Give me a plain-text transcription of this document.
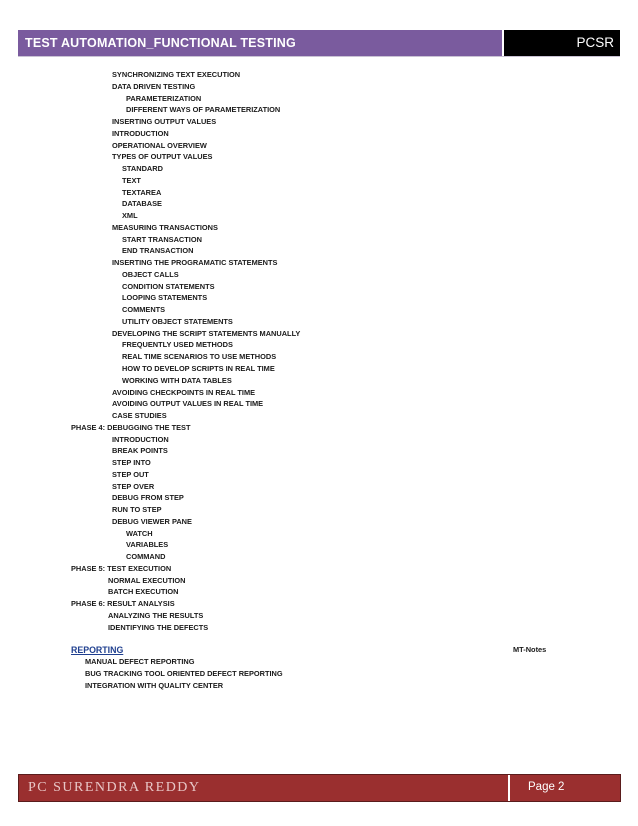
TEST AUTOMATION_FUNCTIONAL TESTING	PCSR
SYNCHRONIZING TEXT EXECUTION
DATA DRIVEN TESTING
PARAMETERIZATION
DIFFERENT WAYS OF PARAMETERIZATION
INSERTING OUTPUT VALUES
INTRODUCTION
OPERATIONAL OVERVIEW
TYPES OF OUTPUT VALUES
STANDARD
TEXT
TEXTAREA
DATABASE
XML
MEASURING TRANSACTIONS
START TRANSACTION
END TRANSACTION
INSERTING THE PROGRAMATIC STATEMENTS
OBJECT CALLS
CONDITION STATEMENTS
LOOPING STATEMENTS
COMMENTS
UTILITY OBJECT STATEMENTS
DEVELOPING THE SCRIPT STATEMENTS MANUALLY
FREQUENTLY USED METHODS
REAL TIME SCENARIOS TO USE METHODS
HOW TO DEVELOP SCRIPTS IN REAL TIME
WORKING WITH DATA TABLES
AVOIDING CHECKPOINTS IN REAL TIME
AVOIDING OUTPUT VALUES IN REAL TIME
CASE STUDIES
PHASE 4: DEBUGGING THE TEST
INTRODUCTION
BREAK POINTS
STEP INTO
STEP OUT
STEP OVER
DEBUG FROM STEP
RUN TO STEP
DEBUG VIEWER PANE
WATCH
VARIABLES
COMMAND
PHASE 5: TEST EXECUTION
NORMAL EXECUTION
BATCH EXECUTION
PHASE 6: RESULT ANALYSIS
ANALYZING THE RESULTS
IDENTIFYING THE DEFECTS
REPORTING	MT-Notes
MANUAL DEFECT REPORTING
BUG TRACKING TOOL ORIENTED DEFECT REPORTING
INTEGRATION WITH QUALITY CENTER
PC SURENDRA REDDY	Page 2
